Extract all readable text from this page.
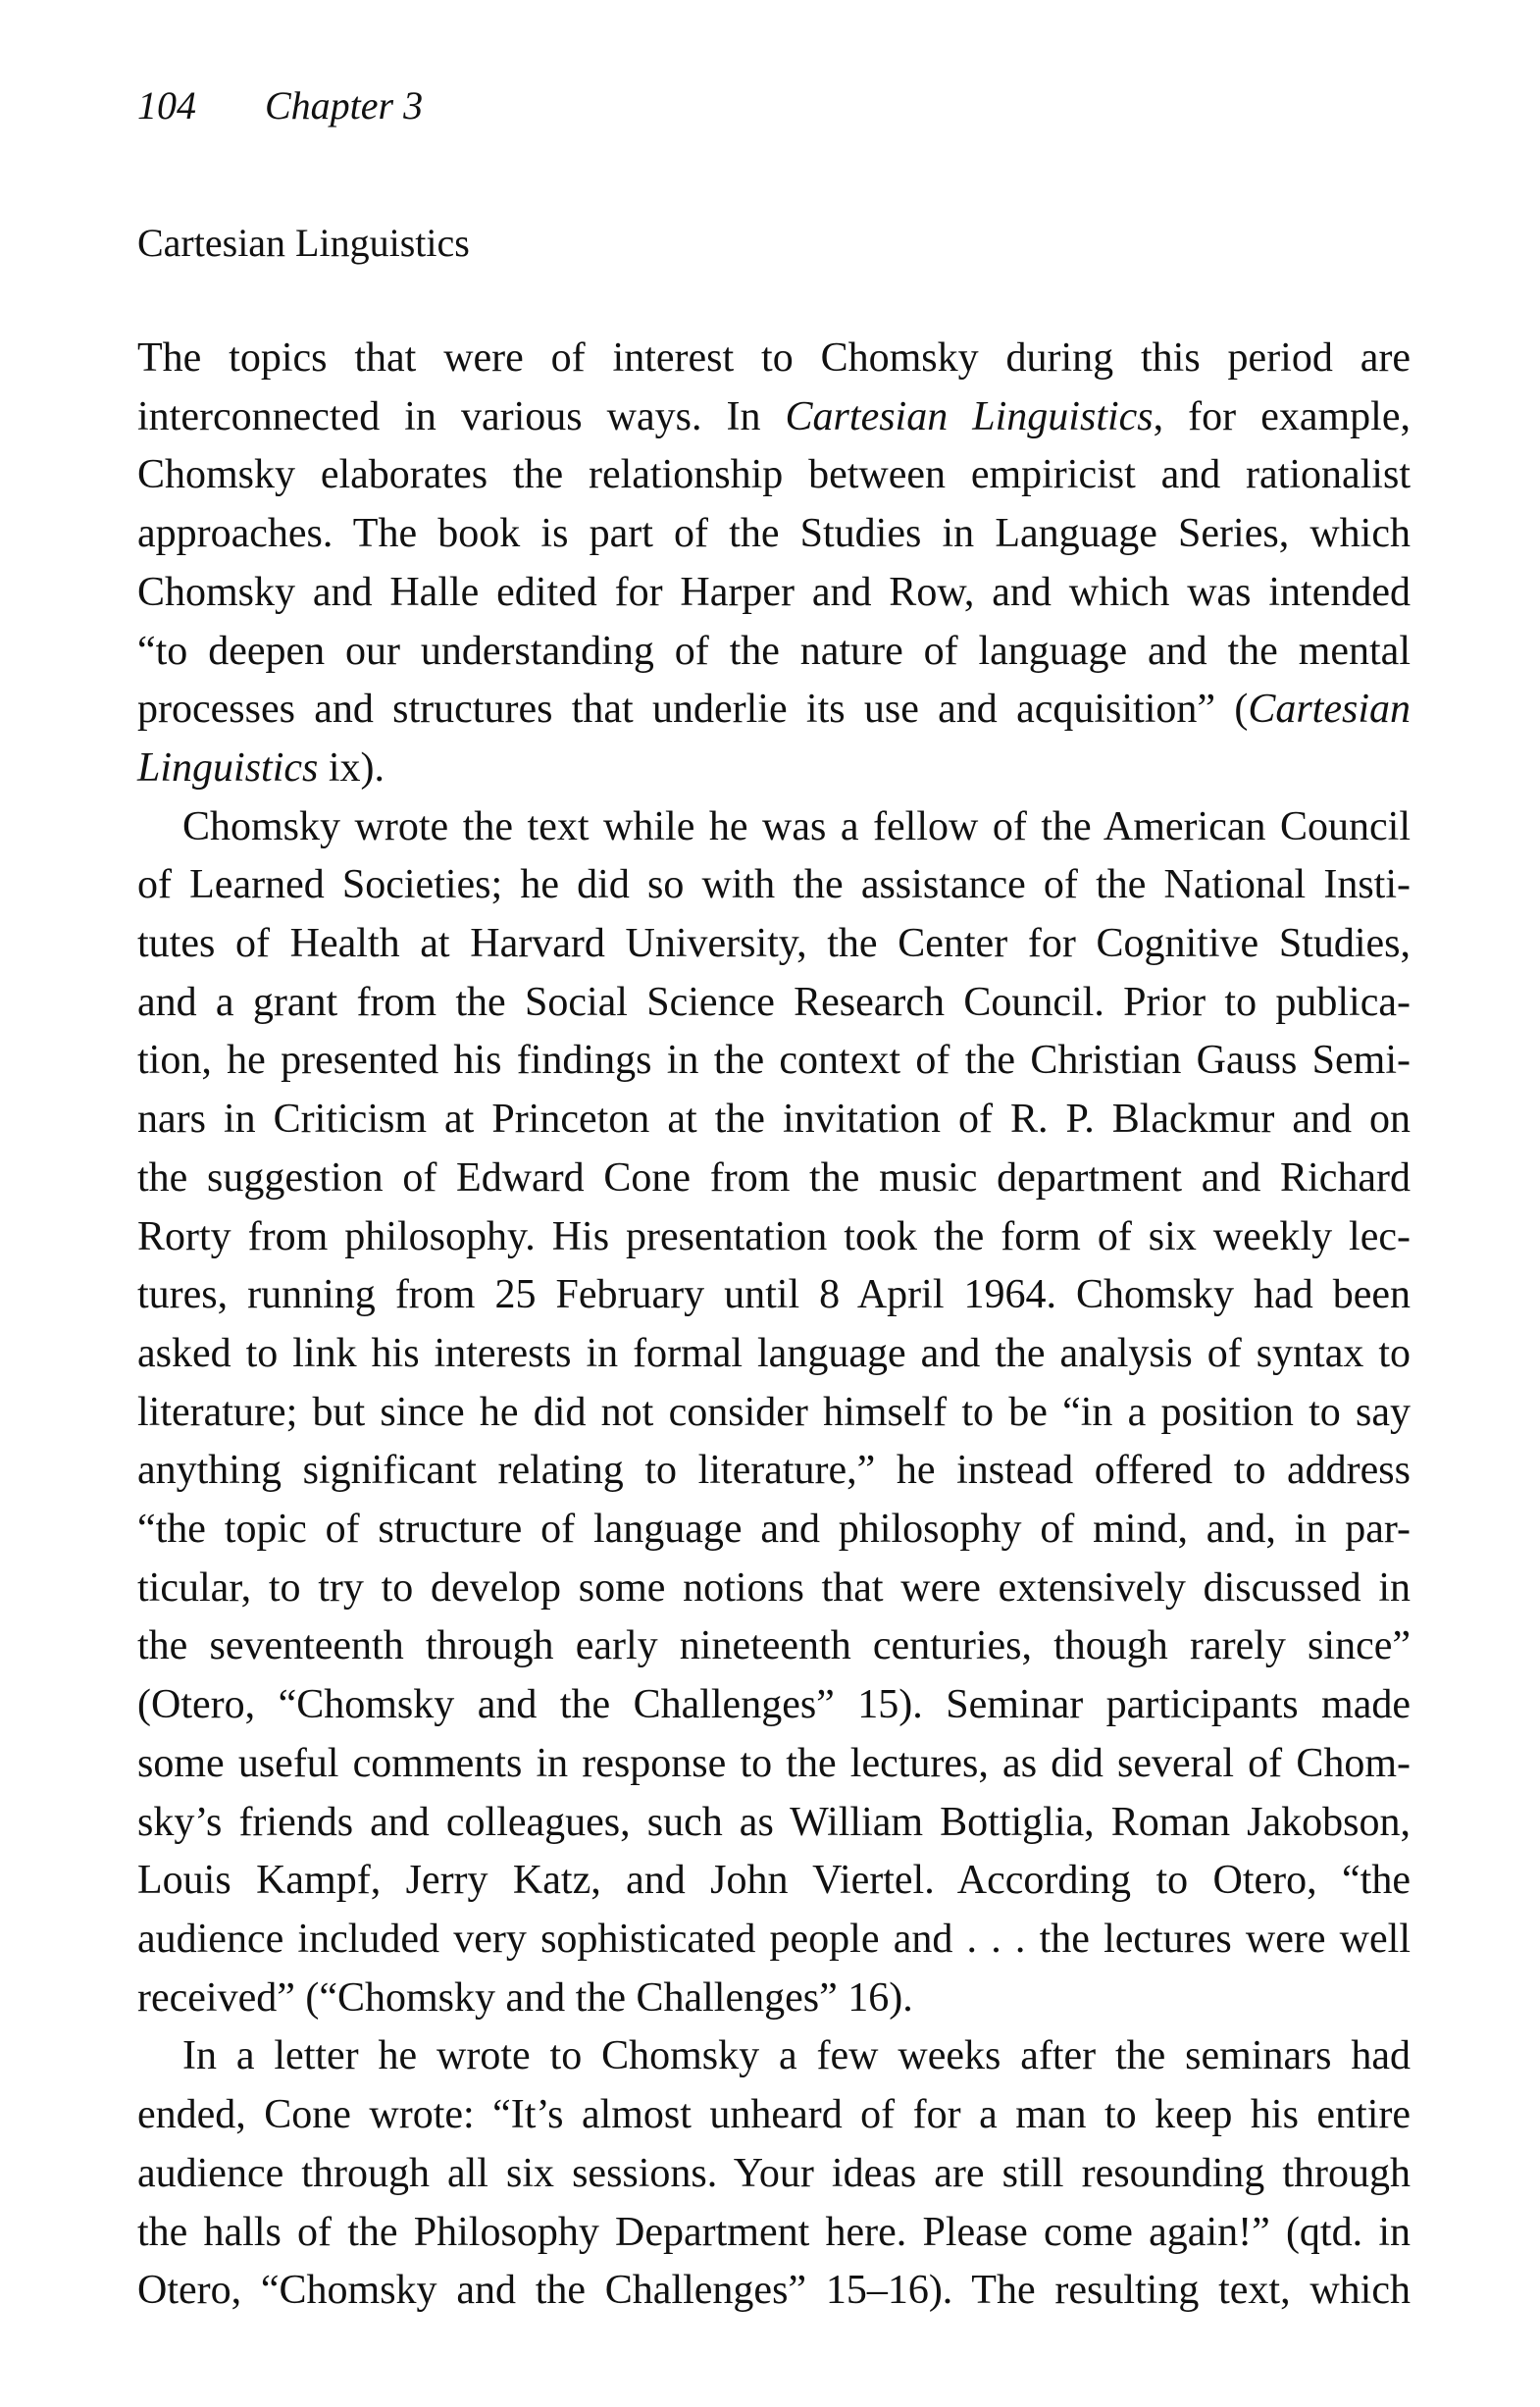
104 Chapter 3
Cartesian Linguistics

The topics that were of interest to Chomsky during this period are

interconnected in various ways. In Cartesian Linguistics, for example,

Chomsky elaborates the relationship between empiricist and rationalist

approaches. The book is part of the Studies in Language Series, which

Chomsky and Halle edited for Harper and Row, and which was intended

“to deepen our understanding of the nature of language and the mental

processes and structures that underlie its use and acquisition” (Cartesian

Linguistics ix).

Chomsky wrote the text while he was a fellow of the American Council

of Learned Societies; he did so with the assistance of the National Insti-

tutes of Health at Harvard University, the Center for Cognitive Studies,

and a grant from the Social Science Research Council. Prior to publica-

tion, he presented his findings in the context of the Christian Gauss Semi-

nars in Criticism at Princeton at the invitation of R. P. Blackmur and on

the suggestion of Edward Cone from the music department and Richard

Rorty from philosophy. His presentation took the form of six weekly lec-

tures, running from 25 February until 8 April 1964. Chomsky had been

asked to link his interests in formal language and the analysis of syntax to

literature; but since he did not consider himself to be “in a position to say

anything significant relating to literature,” he instead offered to address

“the topic of structure of language and philosophy of mind, and, in par-

ticular, to try to develop some notions that were extensively discussed in

the seventeenth through early nineteenth centuries, though rarely since”

(Otero, “Chomsky and the Challenges” 15). Seminar participants made

some useful comments in response to the lectures, as did several of Chom-

sky’s friends and colleagues, such as William Bottiglia, Roman Jakobson,

Louis Kampf, Jerry Katz, and John Viertel. According to Otero, “the

audience included very sophisticated people and . . . the lectures were well

received” (“Chomsky and the Challenges” 16).

In a letter he wrote to Chomsky a few weeks after the seminars had

ended, Cone wrote: “It’s almost unheard of for a man to keep his entire

audience through all six sessions. Your ideas are still resounding through

the halls of the Philosophy Department here. Please come again!” (qtd. in

Otero, “Chomsky and the Challenges” 15–16). The resulting text, which
